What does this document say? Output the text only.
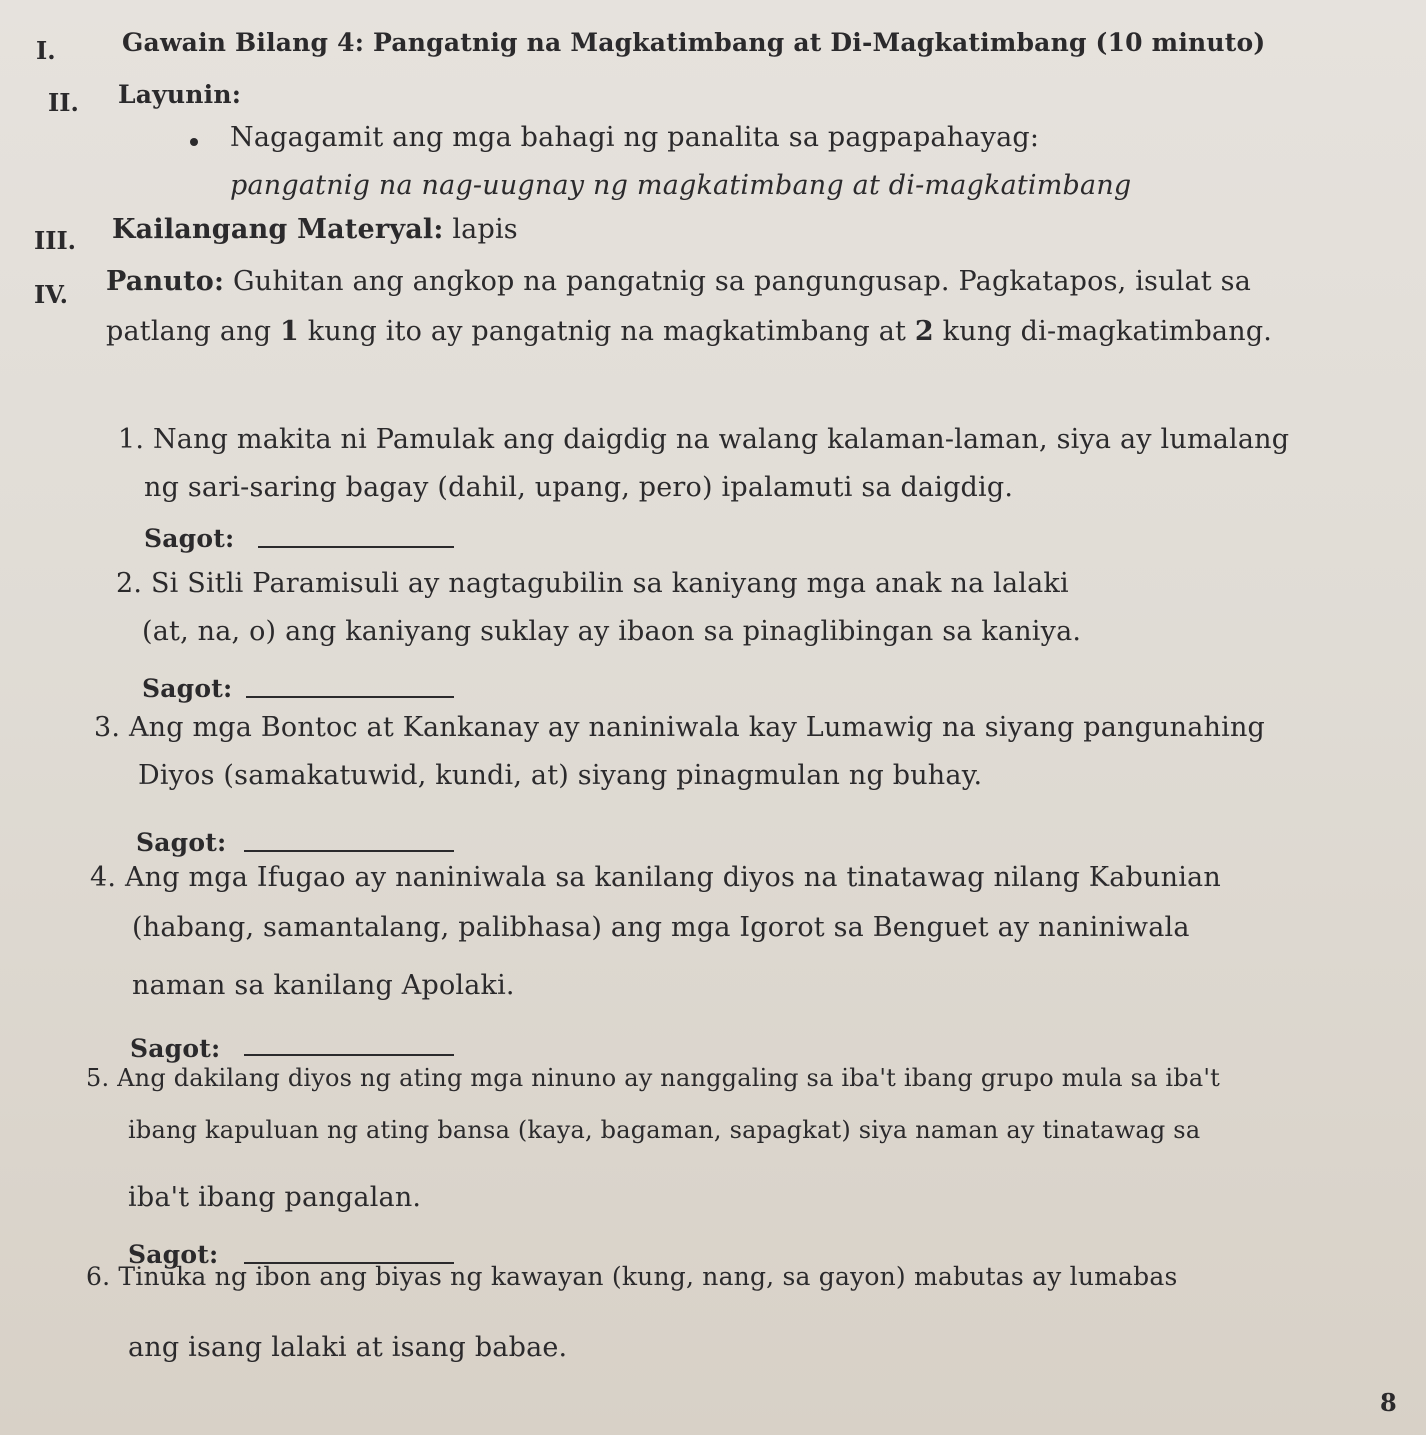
I.	Gawain Bilang 4: Pangatnig na Magkatimbang at Di-Magkatimbang (10 minuto)
II. Layunin:
Nagagamit ang mga bahagi ng panalita sa pagpapahayag:
pangatnig na nag-uugnay ng magkatimbang at di-magkatimbang
III. Kailangang Materyal: lapis
IV. Panuto: Guhitan ang angkop na pangatnig sa pangungusap. Pagkatapos, isulat sa
patlang ang 1 kung ito ay pangatnig na magkatimbang at 2 kung di-magkatimbang.
1. Nang makita ni Pamulak ang daigdig na walang kalaman-laman, siya ay lumalang
ng sari-saring bagay (dahil, upang, pero) ipalamuti sa daigdig.
Sagot:
2. Si Sitli Paramisuli ay nagtagubilin sa kaniyang mga anak na lalaki
(at, na, o) ang kaniyang suklay ay ibaon sa pinaglibingan sa kaniya.
Sagot:
3. Ang mga Bontoc at Kankanay ay naniniwala kay Lumawig na siyang pangunahing
Diyos (samakatuwid, kundi, at) siyang pinagmulan ng buhay.
Sagot:
4. Ang mga Ifugao ay naniniwala sa kanilang diyos na tinatawag nilang Kabunian
(habang, samantalang, palibhasa) ang mga Igorot sa Benguet ay naniniwala
naman sa kanilang Apolaki.
Sagot:
5. Ang dakilang diyos ng ating mga ninuno ay nanggaling sa iba't ibang grupo mula sa iba't
ibang kapuluan ng ating bansa (kaya, bagaman, sapagkat) siya naman ay tinatawag sa
iba't ibang pangalan.
Sagot:
6. Tinuka ng ibon ang biyas ng kawayan (kung, nang, sa gayon) mabutas ay lumabas
ang isang lalaki at isang babae.
8
